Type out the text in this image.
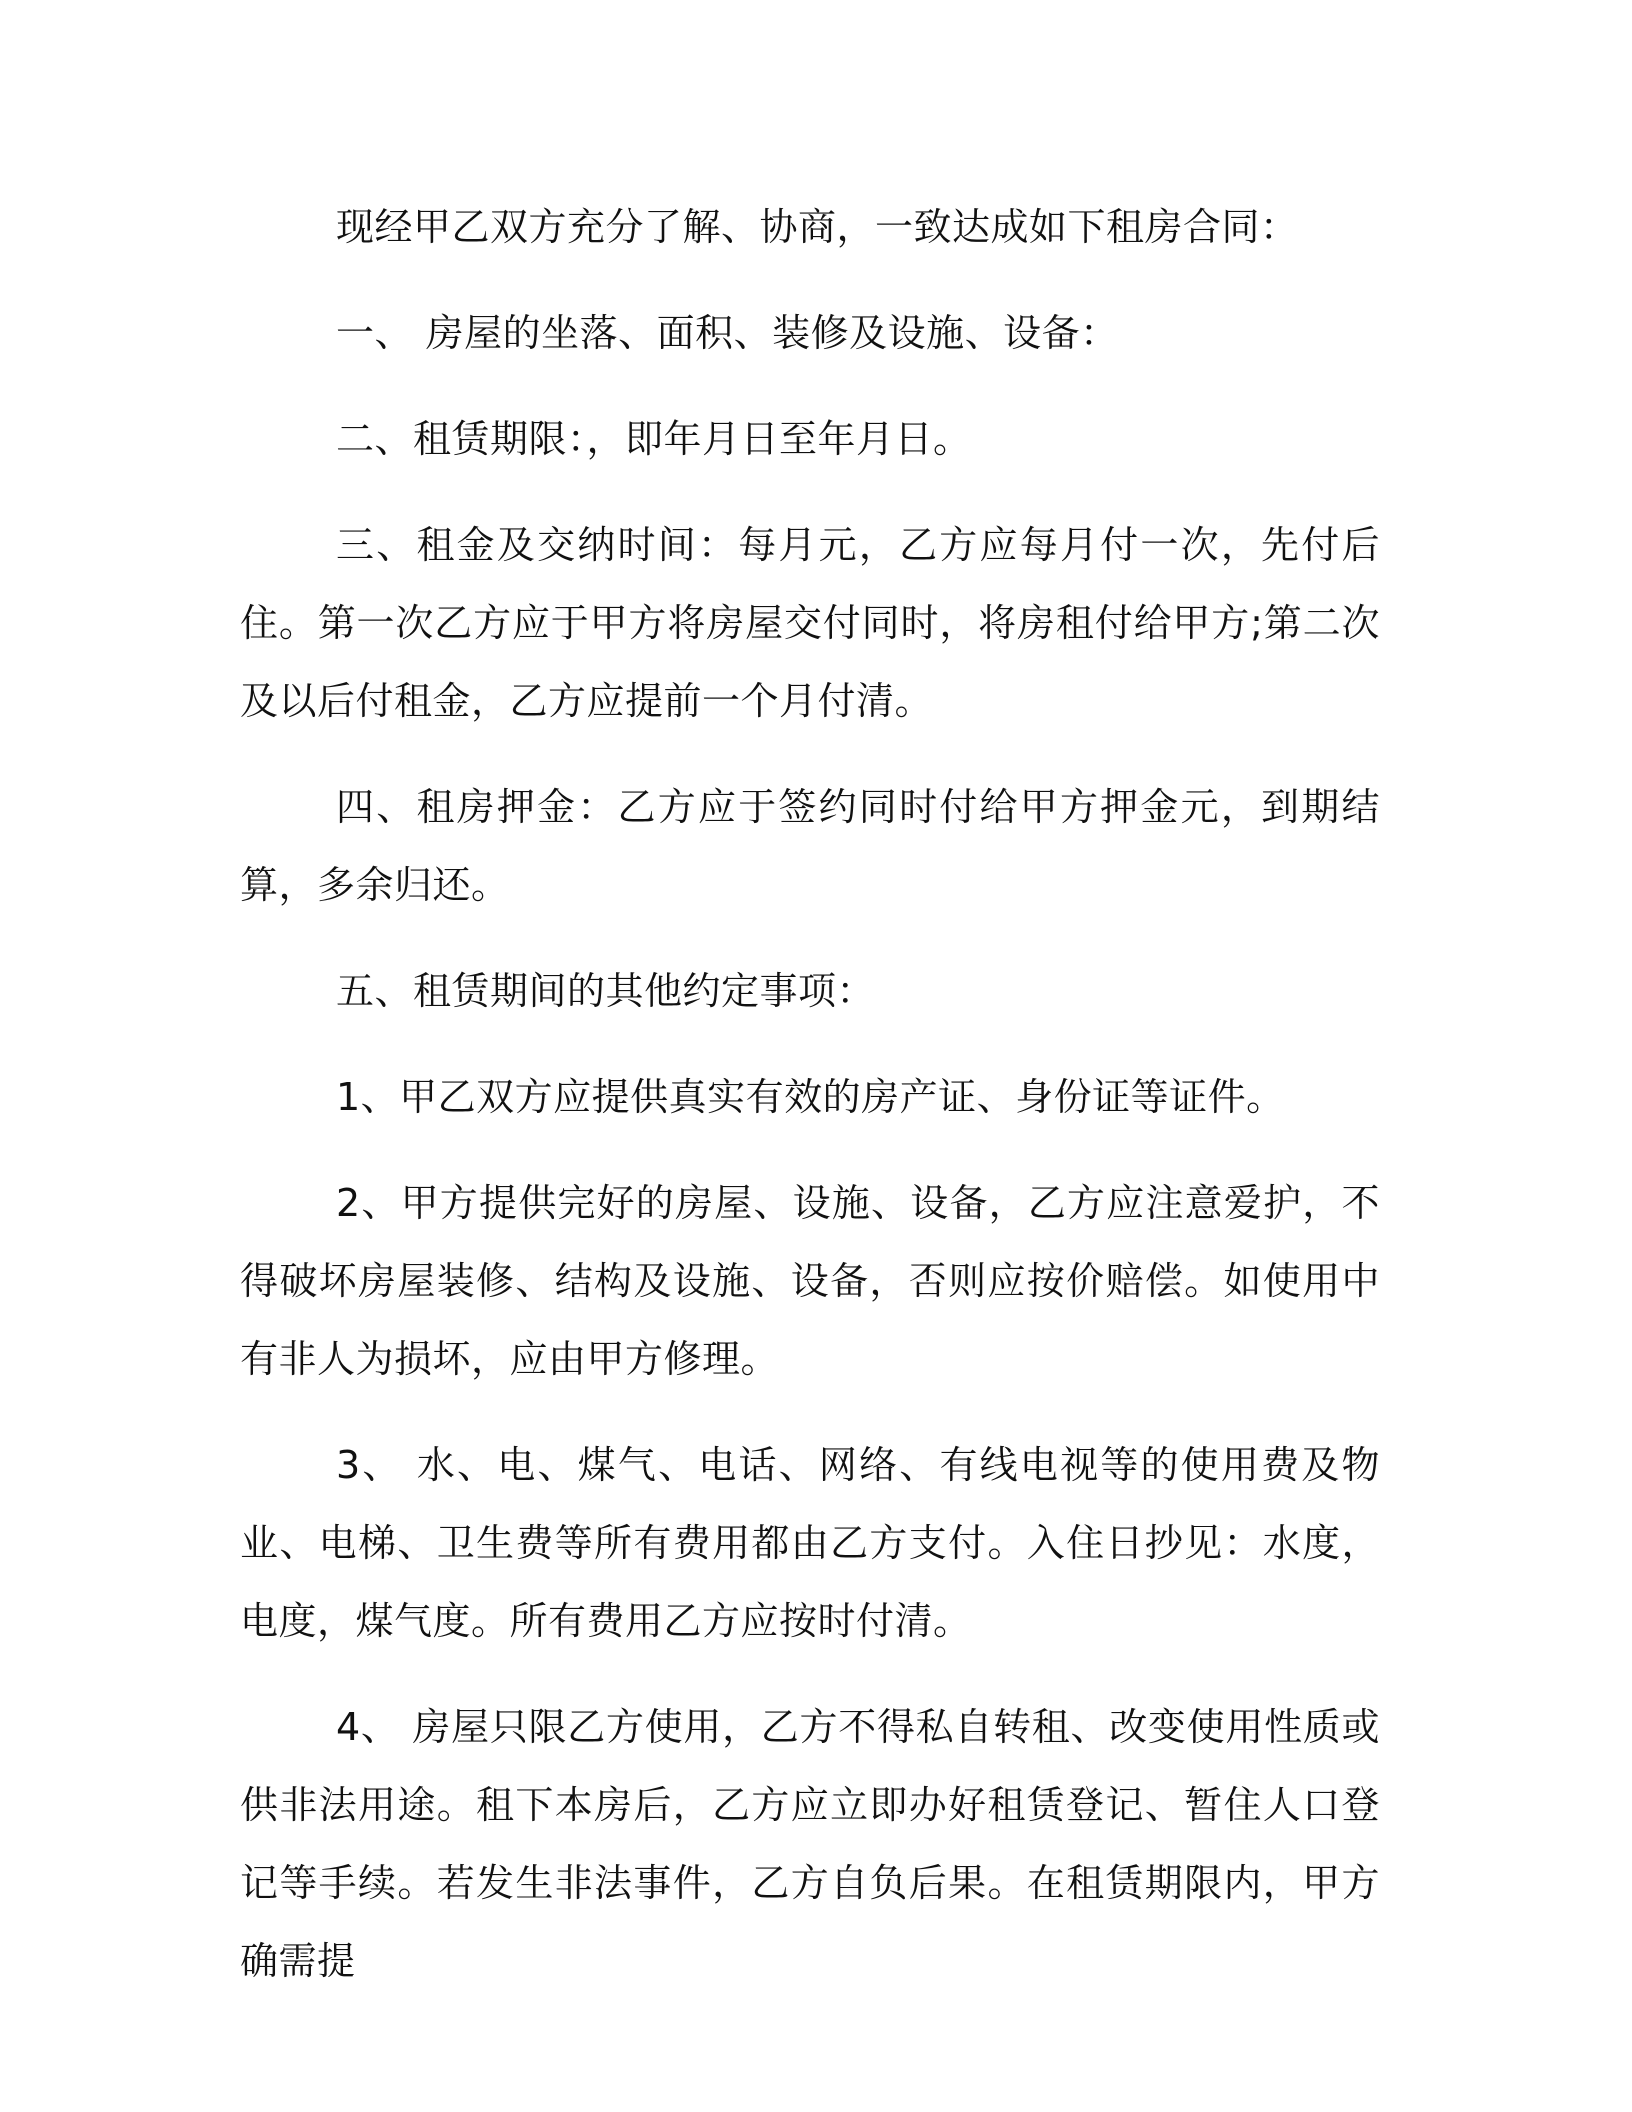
现经甲乙双方充分了解、协商，一致达成如下租房合同：

一、 房屋的坐落、面积、装修及设施、设备：

二、租赁期限：，即年月日至年月日。

三、租金及交纳时间：每月元，乙方应每月付一次，先付后住。第一次乙方应于甲方将房屋交付同时，将房租付给甲方;第二次及以后付租金，乙方应提前一个月付清。

四、租房押金：乙方应于签约同时付给甲方押金元，到期结算，多余归还。

五、租赁期间的其他约定事项：

1、甲乙双方应提供真实有效的房产证、身份证等证件。

2、甲方提供完好的房屋、设施、设备，乙方应注意爱护，不得破坏房屋装修、结构及设施、设备，否则应按价赔偿。如使用中有非人为损坏，应由甲方修理。

3、 水、电、煤气、电话、网络、有线电视等的使用费及物业、电梯、卫生费等所有费用都由乙方支付。入住日抄见：水度，电度，煤气度。所有费用乙方应按时付清。

4、 房屋只限乙方使用，乙方不得私自转租、改变使用性质或供非法用途。租下本房后，乙方应立即办好租赁登记、暂住人口登记等手续。若发生非法事件，乙方自负后果。在租赁期限内，甲方确需提
